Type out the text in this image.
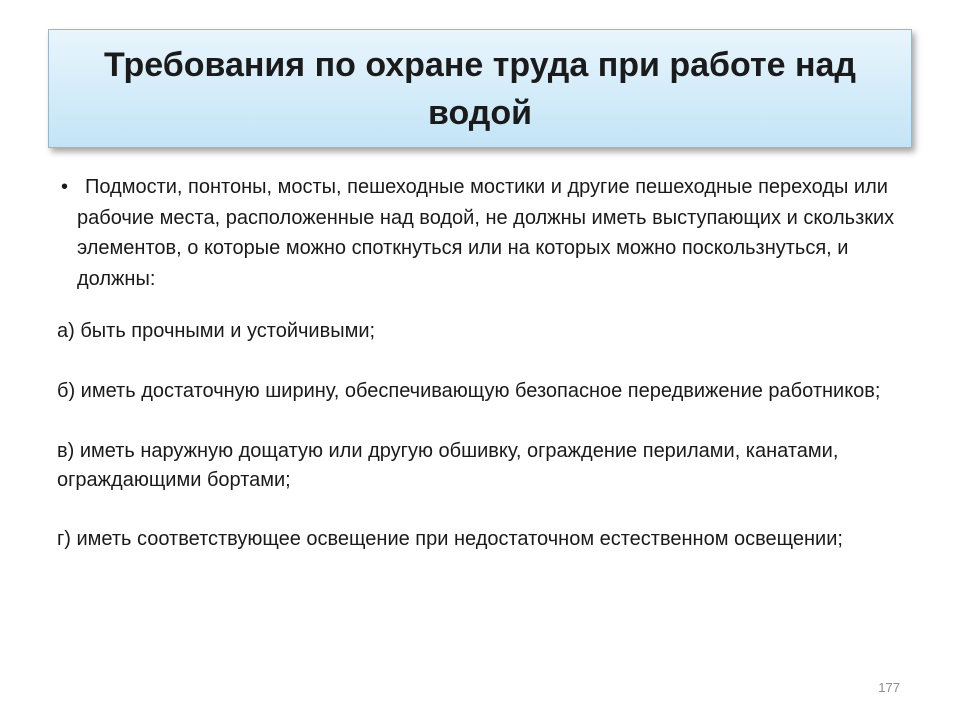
Требования по охране труда при работе над водой
• Подмости, понтоны, мосты, пешеходные мостики и другие пешеходные переходы или рабочие места, расположенные над водой, не должны иметь выступающих и скользких элементов, о которые можно споткнуться или на которых можно поскользнуться, и должны:
а) быть прочными и устойчивыми;
б) иметь достаточную ширину, обеспечивающую безопасное передвижение работников;
в) иметь наружную дощатую или другую обшивку, ограждение перилами, канатами, ограждающими бортами;
г) иметь соответствующее освещение при недостаточном естественном освещении;
177
